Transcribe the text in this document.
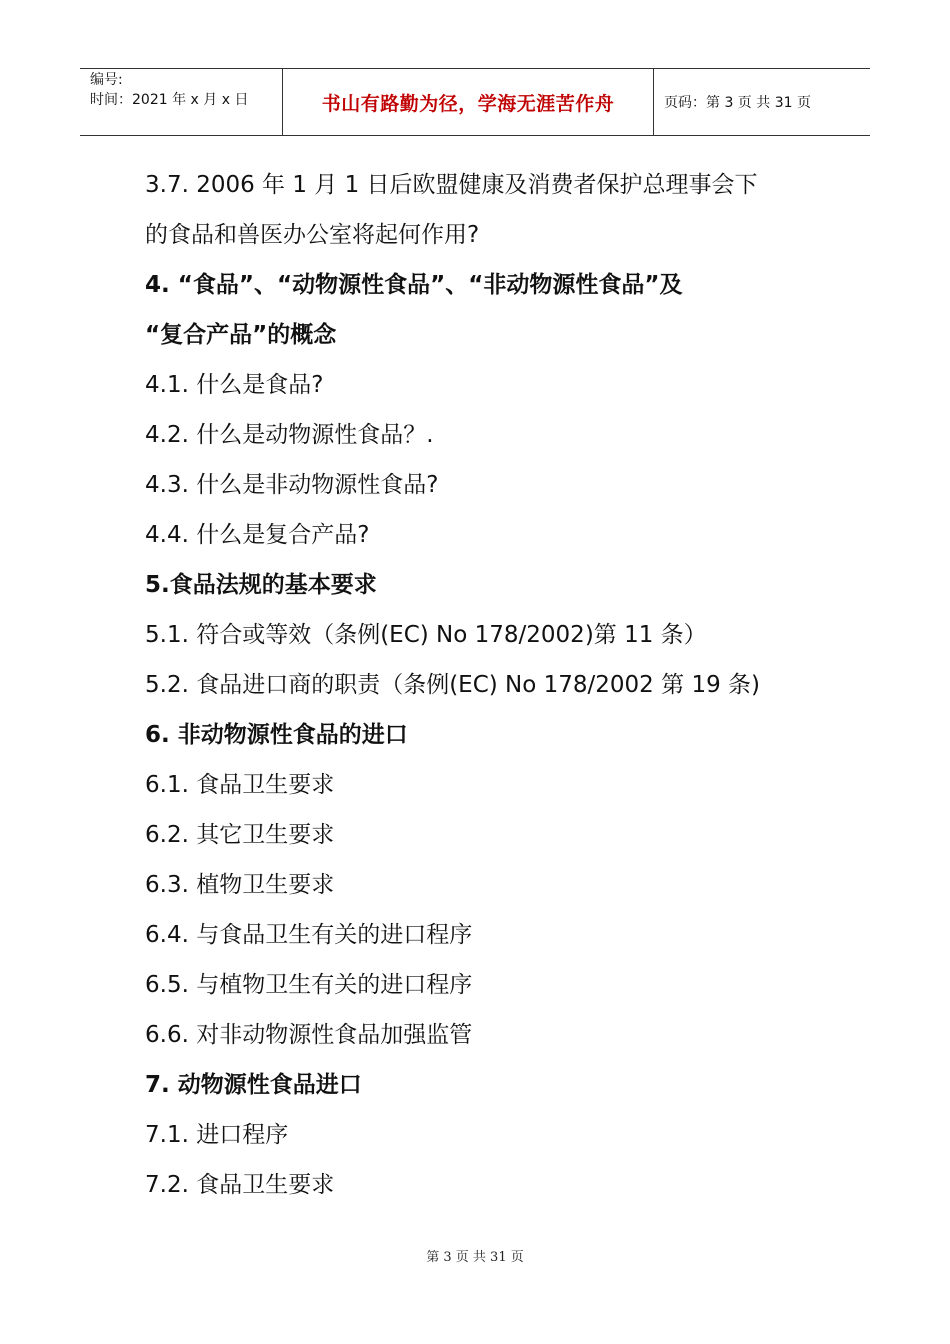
编号:
时间：2021 年 x 月 x 日	书山有路勤为径，学海无涯苦作舟	页码：第 3 页 共 31 页
3.7. 2006 年 1 月 1 日后欧盟健康及消费者保护总理事会下
的食品和兽医办公室将起何作用?
4. “食品”、“动物源性食品”、“非动物源性食品”及
“复合产品”的概念
4.1. 什么是食品?
4.2. 什么是动物源性食品？.
4.3. 什么是非动物源性食品?
4.4. 什么是复合产品?
5.食品法规的基本要求
5.1. 符合或等效（条例(EC) No 178/2002)第 11 条）
5.2. 食品进口商的职责（条例(EC) No 178/2002 第 19 条)
6. 非动物源性食品的进口
6.1. 食品卫生要求
6.2. 其它卫生要求
6.3. 植物卫生要求
6.4. 与食品卫生有关的进口程序
6.5. 与植物卫生有关的进口程序
6.6. 对非动物源性食品加强监管
7. 动物源性食品进口
7.1. 进口程序
7.2. 食品卫生要求
第 3 页 共 31 页
